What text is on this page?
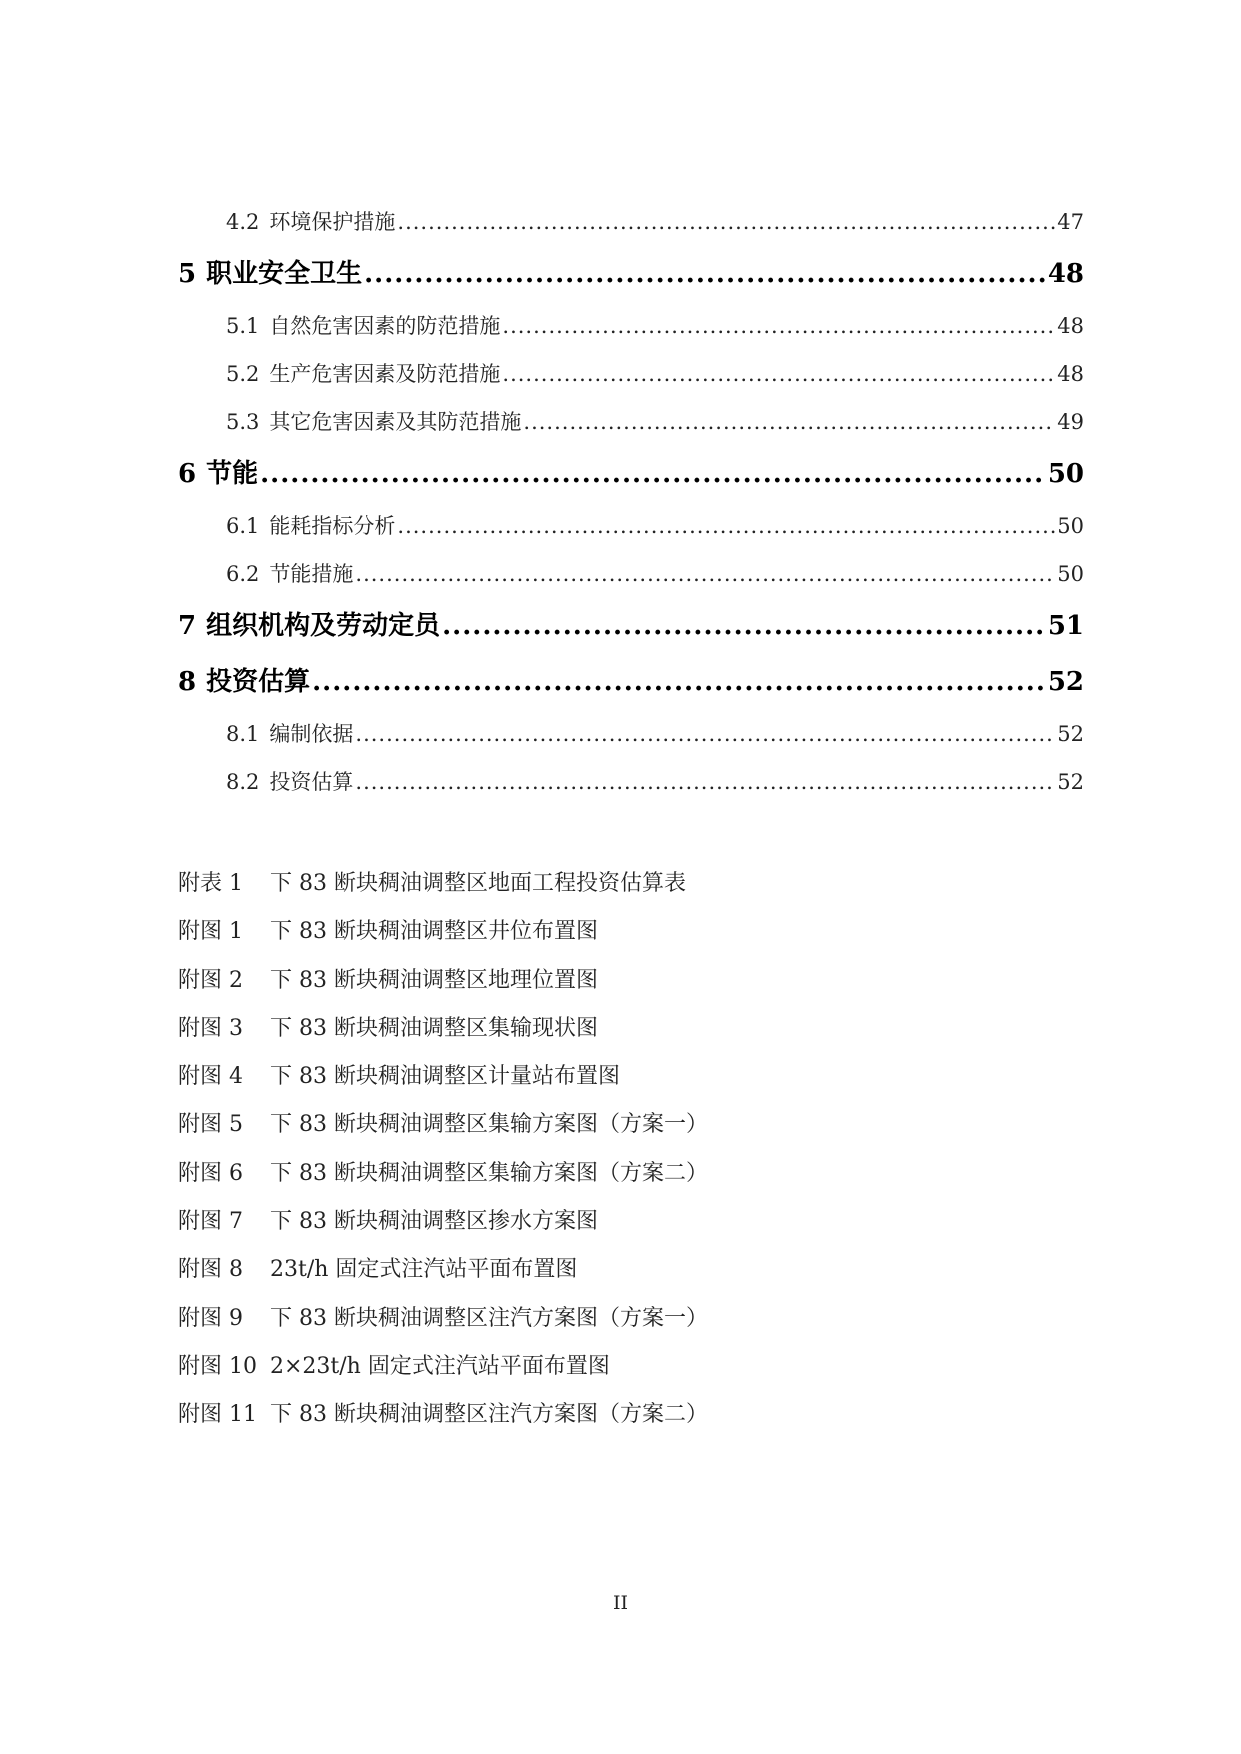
4.2 环境保护措施 .....	47
5 职业安全卫生 .....	48
5.1 自然危害因素的防范措施 .....	48
5.2 生产危害因素及防范措施 .....	48
5.3 其它危害因素及其防范措施 .....	49
6 节能 .....	50
6.1 能耗指标分析 .....	50
6.2 节能措施 .....	50
7 组织机构及劳动定员 .....	51
8 投资估算 .....	52
8.1 编制依据 .....	52
8.2 投资估算 .....	52
附表 1 下 83 断块稠油调整区地面工程投资估算表
附图 1 下 83 断块稠油调整区井位布置图
附图 2 下 83 断块稠油调整区地理位置图
附图 3 下 83 断块稠油调整区集输现状图
附图 4 下 83 断块稠油调整区计量站布置图
附图 5 下 83 断块稠油调整区集输方案图（方案一）
附图 6 下 83 断块稠油调整区集输方案图（方案二）
附图 7 下 83 断块稠油调整区掺水方案图
附图 8 23t/h 固定式注汽站平面布置图
附图 9 下 83 断块稠油调整区注汽方案图（方案一）
附图 10 2×23t/h 固定式注汽站平面布置图
附图 11 下 83 断块稠油调整区注汽方案图（方案二）
II
